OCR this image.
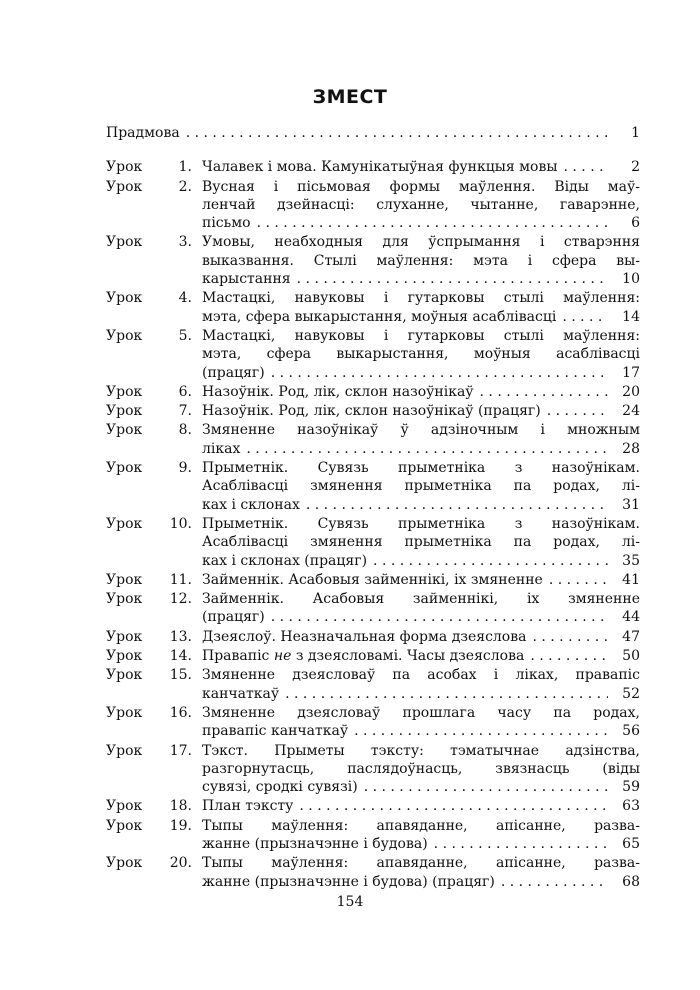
ЗМЕСТ
Прадмова . . .	1
Урок	1. Чалавек і мова. Камунікатыўная функцыя мовы . . .	2
Урок	2. Вусная і пісьмовая формы маўлення. Віды маў-
ленчай дзейнасці: слуханне, чытанне, гаварэнне,
пісьмо . . .	6
Урок	3. Умовы, неабходныя для ўспрымання і стварэння
выказвання. Стылі маўлення: мэта і сфера вы-
карыстання . . .	10
Урок	4. Мастацкі, навуковы і гутарковы стылі маўлення:
мэта, сфера выкарыстання, моўныя асаблівасці . . .	14
Урок	5. Мастацкі, навуковы і гутарковы стылі маўлення:
мэта, сфера выкарыстання, моўныя асаблівасці
(працяг) . . .	17
Урок	6. Назоўнік. Род, лік, склон назоўнікаў . . .	20
Урок	7. Назоўнік. Род, лік, склон назоўнікаў (працяг) . . .	24
Урок	8. Змяненне назоўнікаў ў адзіночным і множным
ліках . . .	28
Урок	9. Прыметнік. Сувязь прыметніка з назоўнікам.
Асаблівасці змянення прыметніка па родах, лі-
ках і склонах . . .	31
Урок	10. Прыметнік. Сувязь прыметніка з назоўнікам.
Асаблівасці змянення прыметніка па родах, лі-
ках і склонах (працяг) . . .	35
Урок	11. Займеннік. Асабовыя займеннікі, іх змяненне . . .	41
Урок	12. Займеннік. Асабовыя займеннікі, іх змяненне
(працяг) . . .	44
Урок	13. Дзеяслоў. Неазначальная форма дзеяслова . . .	47
Урок	14. Правапіс не з дзеясловамі. Часы дзеяслова . . .	50
Урок	15. Змяненне дзеясловаў па асобах і ліках, правапіс
канчаткаў . . .	52
Урок	16. Змяненне дзеясловаў прошлага часу па родах,
правапіс канчаткаў . . .	56
Урок	17. Тэкст. Прыметы тэксту: тэматычнае адзінства,
разгорнутасць, паслядоўнасць, звязнасць (віды
сувязі, сродкі сувязі) . . .	59
Урок	18. План тэксту . . .	63
Урок	19. Тыпы маўлення: апавяданне, апісанне, разва-
жанне (прызначэнне і будова) . . .	65
Урок	20. Тыпы маўлення: апавяданне, апісанне, разва-
жанне (прызначэнне і будова) (працяг) . . .	68
154
